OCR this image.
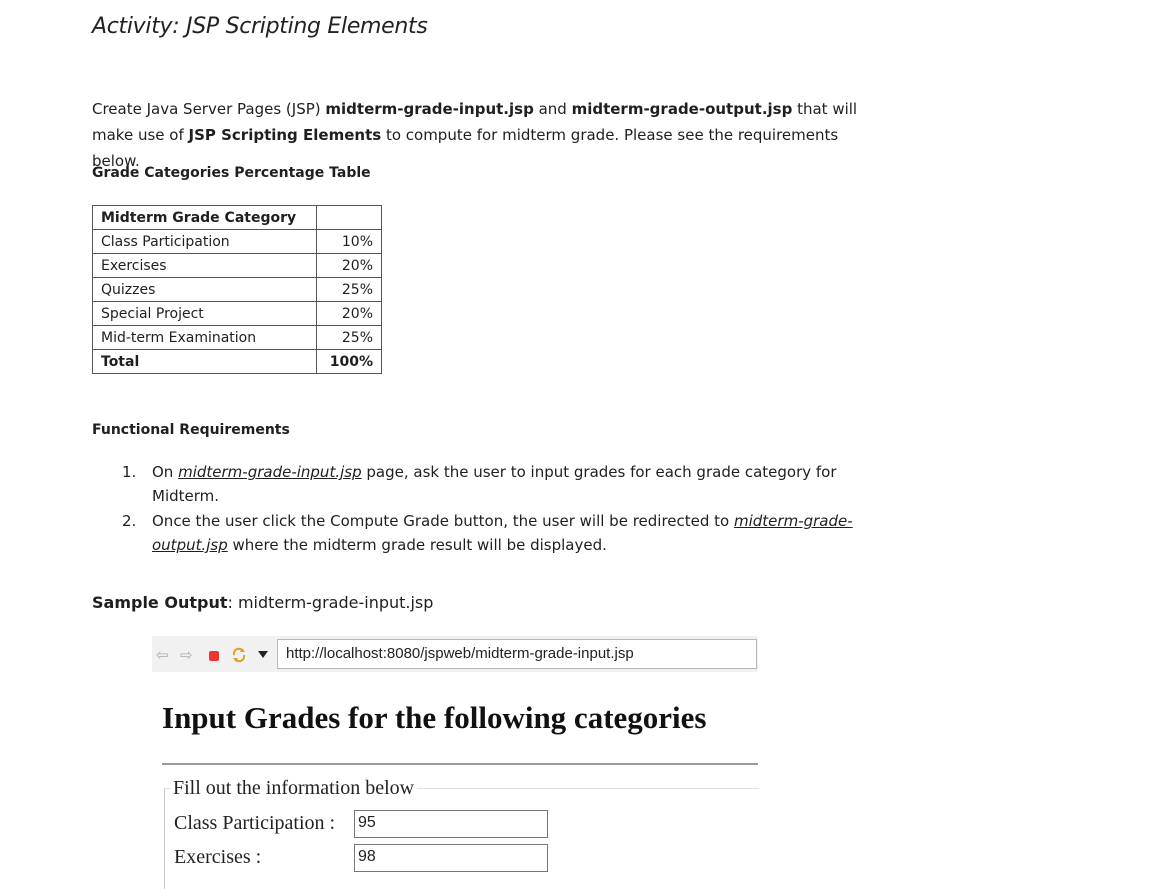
Activity: JSP Scripting Elements
Create Java Server Pages (JSP) midterm-grade-input.jsp and midterm-grade-output.jsp that will make use of JSP Scripting Elements to compute for midterm grade. Please see the requirements below.
Grade Categories Percentage Table
Midterm Grade Category	
Class Participation	10%
Exercises	20%
Quizzes	25%
Special Project	20%
Mid-term Examination	25%
Total	100%
Functional Requirements
1. On midterm-grade-input.jsp page, ask the user to input grades for each grade category for Midterm.
2. Once the user click the Compute Grade button, the user will be redirected to midterm-grade-output.jsp where the midterm grade result will be displayed.
Sample Output: midterm-grade-input.jsp
⇦ ⇨	http://localhost:8080/jspweb/midterm-grade-input.jsp
Input Grades for the following categories
Fill out the information below
Class Participation : 95
Exercises :	98
